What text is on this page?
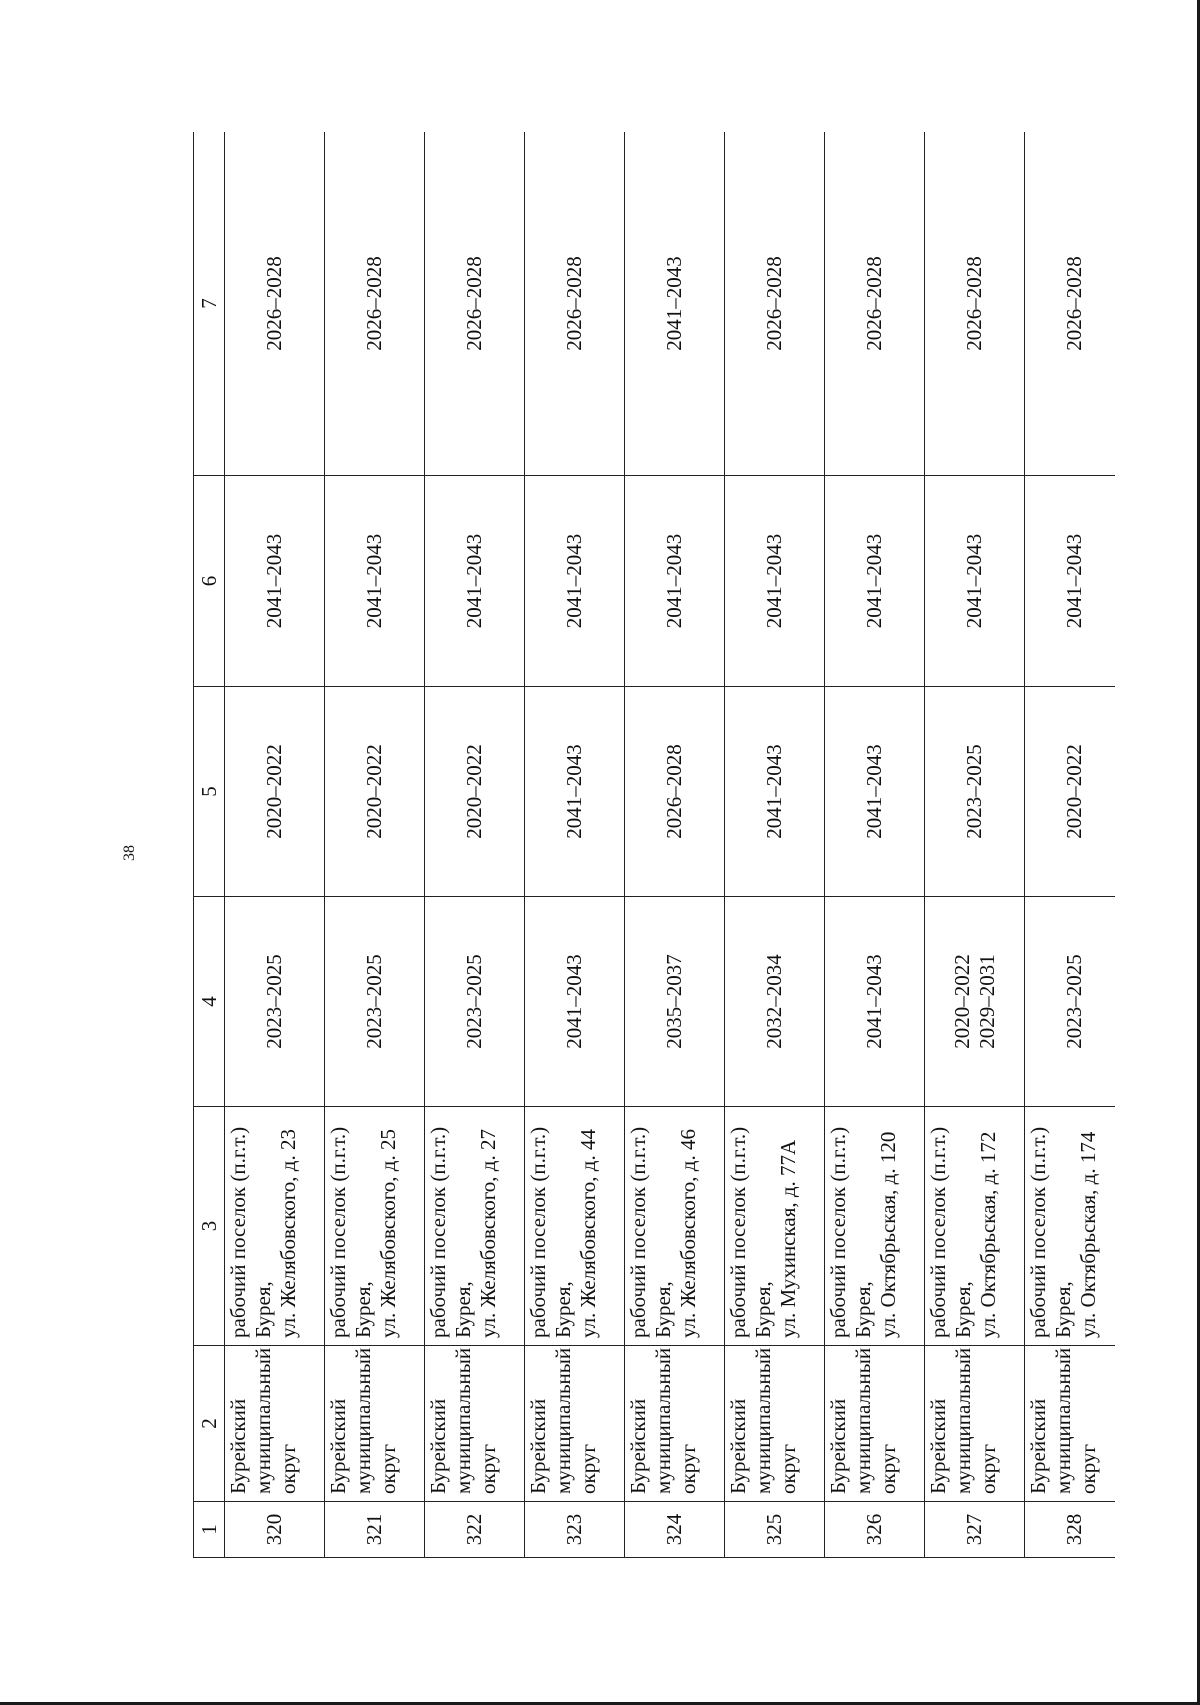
38
1	2	3	4	5	6	7
320	Бурейский
муниципальный
округ	рабочий поселок (п.г.т.)
Бурея,
ул. Желябовского, д. 23	2023–2025	2020–2022	2041–2043	2026–2028
321	Бурейский
муниципальный
округ	рабочий поселок (п.г.т.)
Бурея,
ул. Желябовского, д. 25	2023–2025	2020–2022	2041–2043	2026–2028
322	Бурейский
муниципальный
округ	рабочий поселок (п.г.т.)
Бурея,
ул. Желябовского, д. 27	2023–2025	2020–2022	2041–2043	2026–2028
323	Бурейский
муниципальный
округ	рабочий поселок (п.г.т.)
Бурея,
ул. Желябовского, д. 44	2041–2043	2041–2043	2041–2043	2026–2028
324	Бурейский
муниципальный
округ	рабочий поселок (п.г.т.)
Бурея,
ул. Желябовского, д. 46	2035–2037	2026–2028	2041–2043	2041–2043
325	Бурейский
муниципальный
округ	рабочий поселок (п.г.т.)
Бурея,
ул. Мухинская, д. 77А	2032–2034	2041–2043	2041–2043	2026–2028
326	Бурейский
муниципальный
округ	рабочий поселок (п.г.т.)
Бурея,
ул. Октябрьская, д. 120	2041–2043	2041–2043	2041–2043	2026–2028
327	Бурейский
муниципальный
округ	рабочий поселок (п.г.т.)
Бурея,
ул. Октябрьская, д. 172	2020–2022 2029–2031	2023–2025	2041–2043	2026–2028
328	Бурейский
муниципальный
округ	рабочий поселок (п.г.т.)
Бурея,
ул. Октябрьская, д. 174	2023–2025	2020–2022	2041–2043	2026–2028
